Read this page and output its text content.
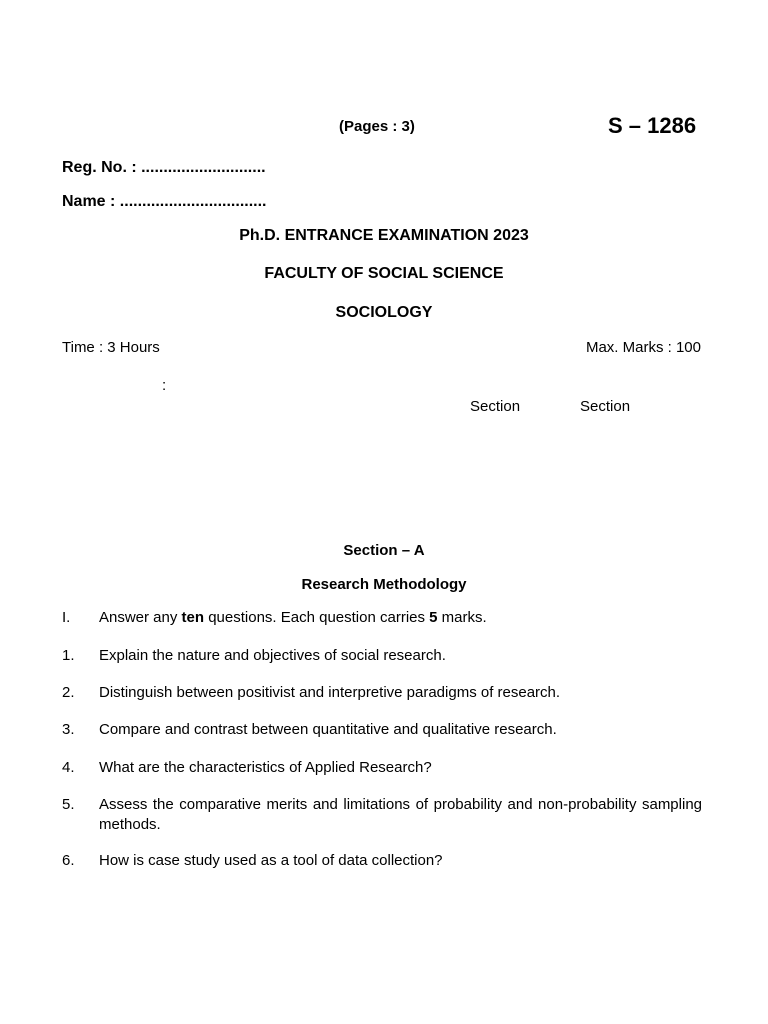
(Pages : 3)	S – 1286
Reg. No. : ............................
Name : .................................
Ph.D. ENTRANCE EXAMINATION 2023
FACULTY OF SOCIAL SCIENCE
SOCIOLOGY
Time : 3 Hours	Max. Marks : 100
:
Section	Section
Section – A
Research Methodology
I. Answer any ten questions. Each question carries 5 marks.
1. Explain the nature and objectives of social research.
2. Distinguish between positivist and interpretive paradigms of research.
3. Compare and contrast between quantitative and qualitative research.
4. What are the characteristics of Applied Research?
5. Assess the comparative merits and limitations of probability and non-probability sampling methods.
6. How is case study used as a tool of data collection?
